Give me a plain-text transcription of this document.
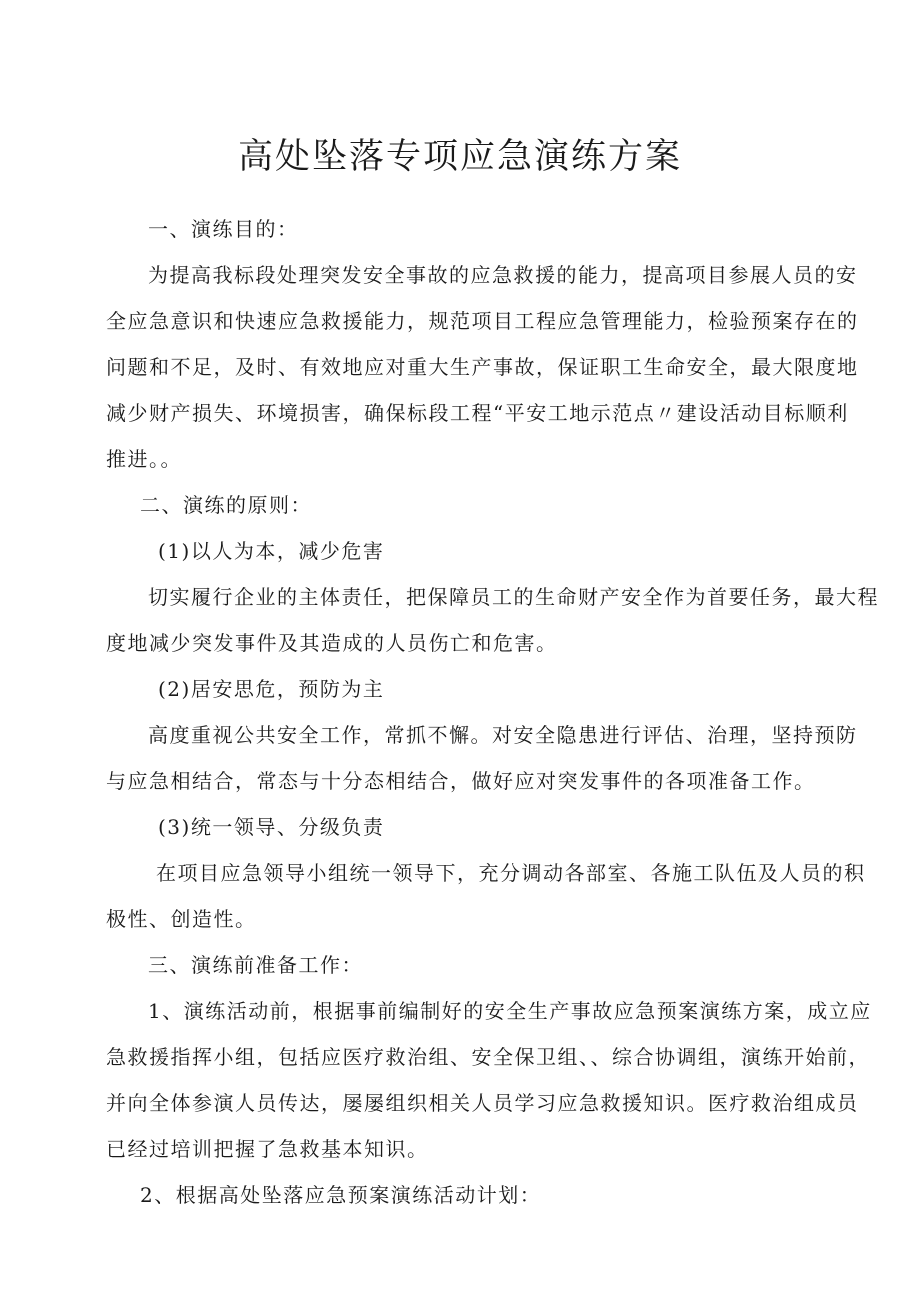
高处坠落专项应急演练方案
一、演练目的：
为提高我标段处理突发安全事故的应急救援的能力，提高项目参展人员的安
全应急意识和快速应急救援能力，规范项目工程应急管理能力，检验预案存在的
问题和不足，及时、有效地应对重大生产事故，保证职工生命安全，最大限度地
减少财产损失、环境损害，确保标段工程“平安工地示范点〃建设活动目标顺利
推进。。
二、演练的原则：
(1)以人为本，减少危害
切实履行企业的主体责任，把保障员工的生命财产安全作为首要任务，最大程
度地减少突发事件及其造成的人员伤亡和危害。
(2)居安思危，预防为主
高度重视公共安全工作，常抓不懈。对安全隐患进行评估、治理，坚持预防
与应急相结合，常态与十分态相结合，做好应对突发事件的各项准备工作。
(3)统一领导、分级负责
在项目应急领导小组统一领导下，充分调动各部室、各施工队伍及人员的积
极性、创造性。
三、演练前准备工作：
1、演练活动前，根据事前编制好的安全生产事故应急预案演练方案，成立应
急救援指挥小组，包括应医疗救治组、安全保卫组、、综合协调组，演练开始前，
并向全体参演人员传达，屡屡组织相关人员学习应急救援知识。医疗救治组成员
已经过培训把握了急救基本知识。
2、根据高处坠落应急预案演练活动计划：
